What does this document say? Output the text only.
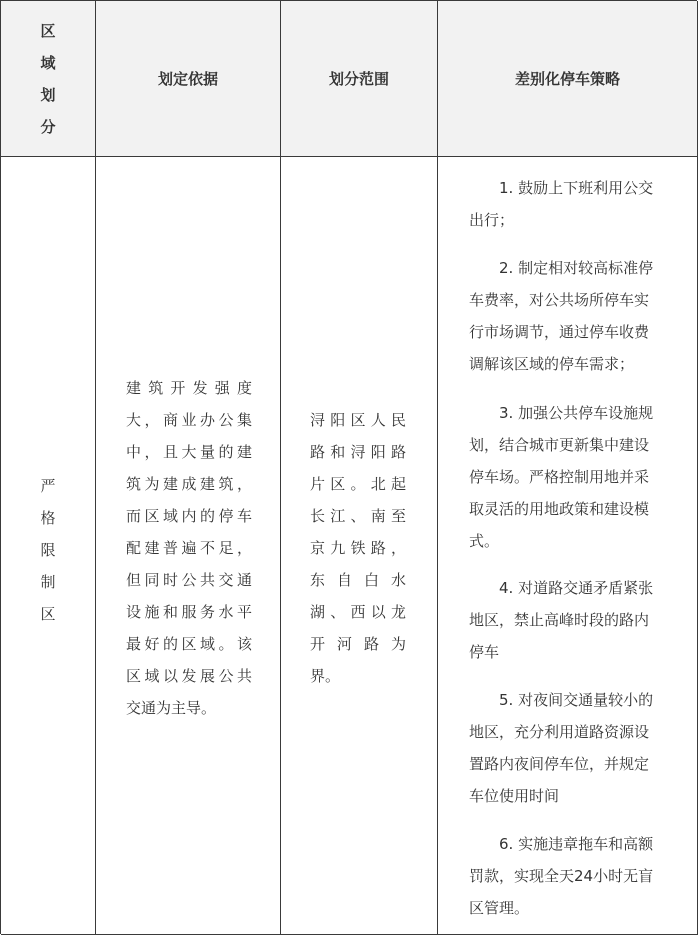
区
域
划
分
划定依据	划分范围	差别化停车策略
严
格
限
制
区
建筑开发强度
大，商业办公集
中，且大量的建
筑为建成建筑，
而区域内的停车
配建普遍不足，
但同时公共交通
设施和服务水平
最好的区域。该
区域以发展公共
交通为主导。
浔阳区人民
路和浔阳路
片区。北起
长江、南至
京九铁路，
东自白水
湖、西以龙
开河路为
界。
　　1. 鼓励上下班利用公交
出行；
　　2. 制定相对较高标准停
车费率，对公共场所停车实
行市场调节，通过停车收费
调解该区域的停车需求；
　　3. 加强公共停车设施规
划，结合城市更新集中建设
停车场。严格控制用地并采
取灵活的用地政策和建设模
式。
　　4. 对道路交通矛盾紧张
地区，禁止高峰时段的路内
停车
　　5. 对夜间交通量较小的
地区，充分利用道路资源设
置路内夜间停车位，并规定
车位使用时间
　　6. 实施违章拖车和高额
罚款，实现全天24小时无盲
区管理。
